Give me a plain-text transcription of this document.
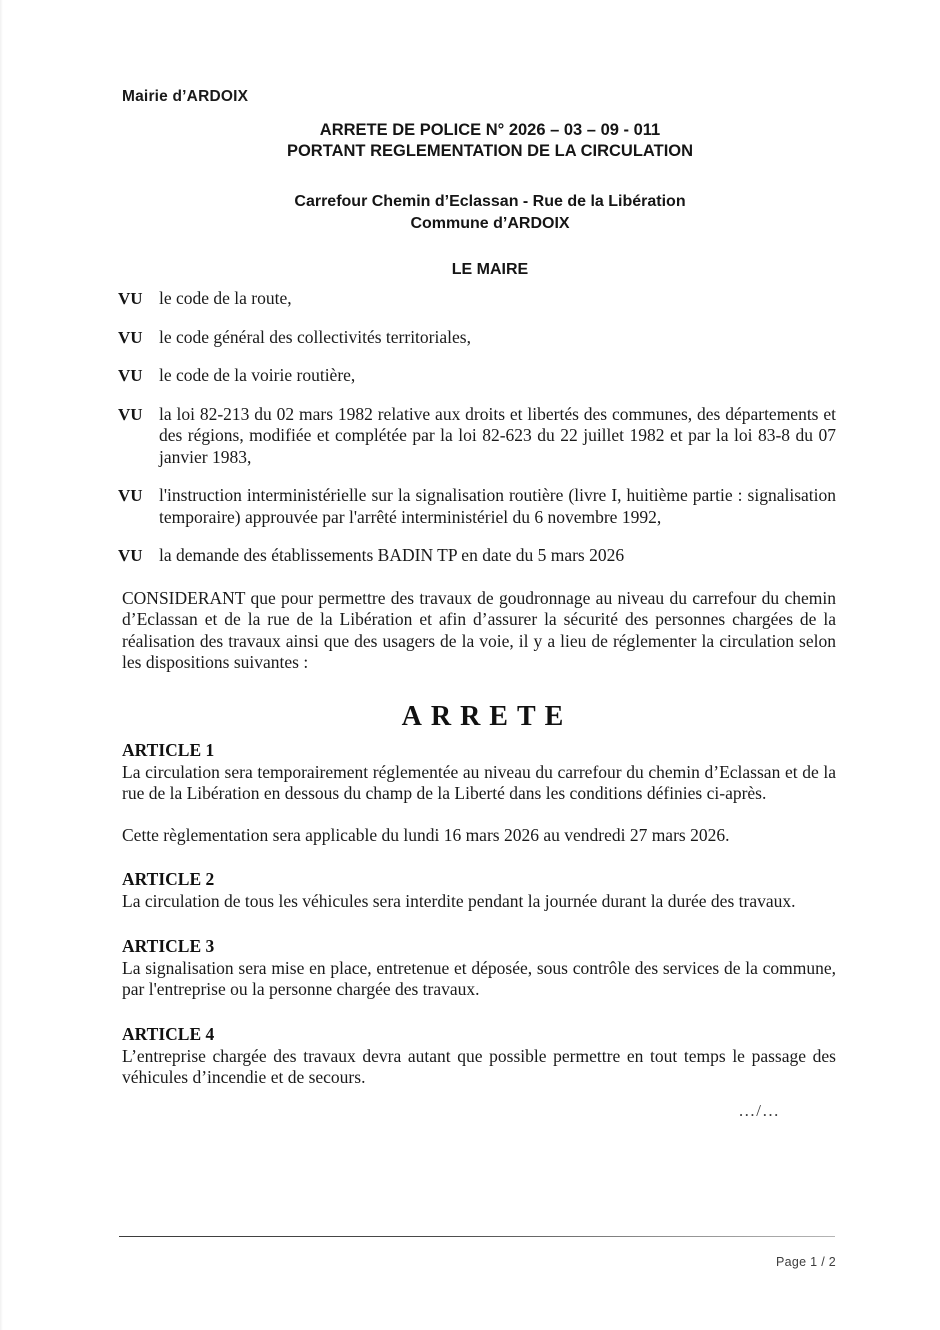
Mairie d’ARDOIX
ARRETE DE POLICE N° 2026 – 03 – 09 - 011
PORTANT REGLEMENTATION DE LA CIRCULATION
Carrefour Chemin d’Eclassan - Rue de la Libération
Commune d’ARDOIX
LE MAIRE
VU le code de la route,
VU le code général des collectivités territoriales,
VU le code de la voirie routière,
VU la loi 82-213 du 02 mars 1982 relative aux droits et libertés des communes, des départements et des régions, modifiée et complétée par la loi 82-623 du 22 juillet 1982 et par la loi 83-8 du 07 janvier 1983,
VU l'instruction interministérielle sur la signalisation routière (livre I, huitième partie : signalisation temporaire) approuvée par l'arrêté interministériel du 6 novembre 1992,
VU la demande des établissements BADIN TP en date du 5 mars 2026

CONSIDERANT que pour permettre des travaux de goudronnage au niveau du carrefour du chemin d’Eclassan et de la rue de la Libération et afin d’assurer la sécurité des personnes chargées de la réalisation des travaux ainsi que des usagers de la voie, il y a lieu de réglementer la circulation selon les dispositions suivantes :

ARRETE
ARTICLE 1

La circulation sera temporairement réglementée au niveau du carrefour du chemin d’Eclassan et de la rue de la Libération en dessous du champ de la Liberté dans les conditions définies ci-après.

Cette règlementation sera applicable du lundi 16 mars 2026 au vendredi 27 mars 2026.

ARTICLE 2

La circulation de tous les véhicules sera interdite pendant la journée durant la durée des travaux.

ARTICLE 3

La signalisation sera mise en place, entretenue et déposée, sous contrôle des services de la commune, par l'entreprise ou la personne chargée des travaux.

ARTICLE 4

L’entreprise chargée des travaux devra autant que possible permettre en tout temps le passage des véhicules d’incendie et de secours.

…/…
Page 1 / 2
